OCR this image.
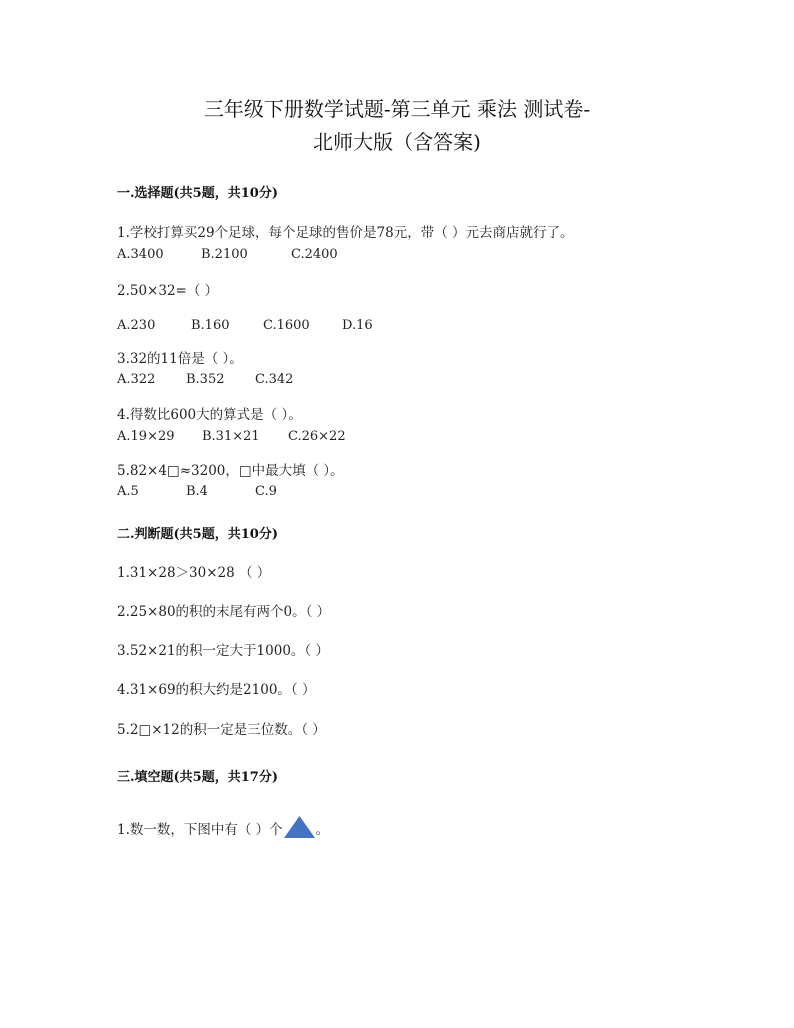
三年级下册数学试题-第三单元 乘法 测试卷-
北师大版（含答案)
一.选择题(共5题，共10分)
1.学校打算买29个足球，每个足球的售价是78元，带（ ）元去商店就行了。
A.3400	B.2100	C.2400
2.50×32=（ ）
A.230	B.160	C.1600 D.16
3.32的11倍是（ ）。
A.322 B.352 C.342
4.得数比600大的算式是（ ）。
A.19×29 B.31×21 C.26×22
5.82×4□≈3200，□中最大填（ ）。
A.5	B.4	C.9
二.判断题(共5题，共10分)
1.31×28＞30×28 （ ）
2.25×80的积的末尾有两个0。（ ）
3.52×21的积一定大于1000。（ ）
4.31×69的积大约是2100。（ ）
5.2□×12的积一定是三位数。（ ）
三.填空题(共5题，共17分)
1.数一数，下图中有（ ）个 。
